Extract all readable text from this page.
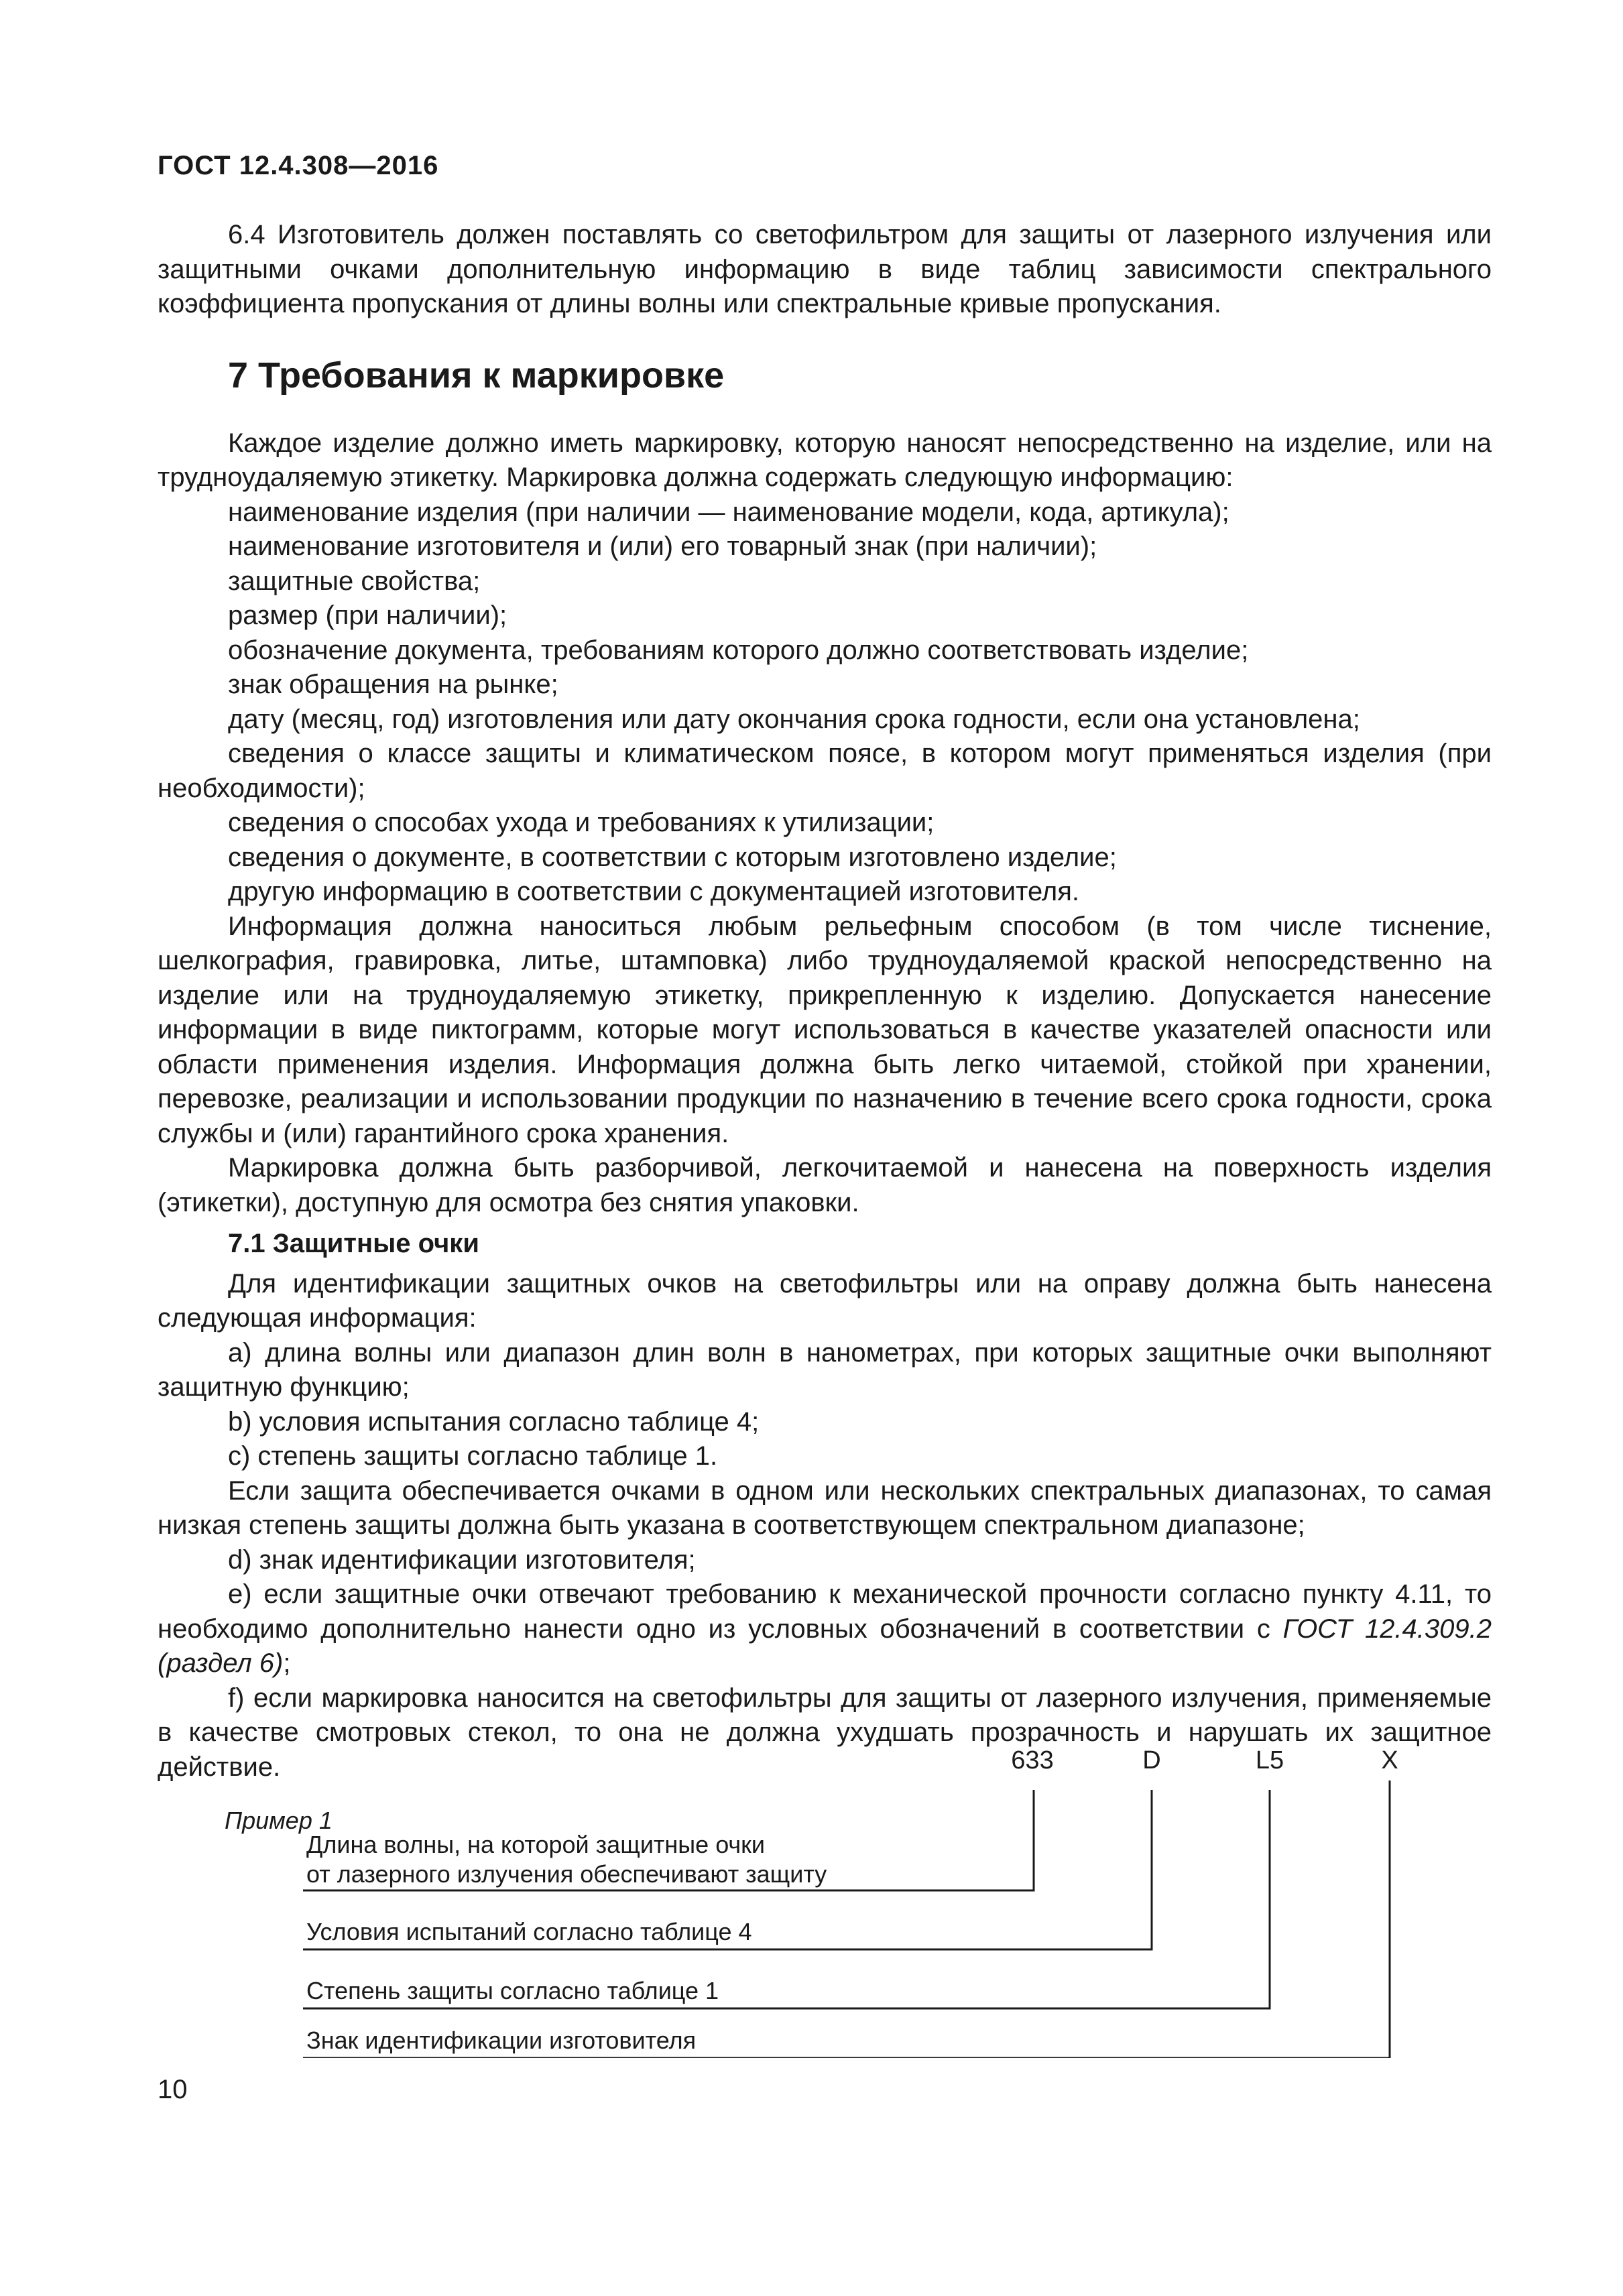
ГОСТ 12.4.308—2016

6.4 Изготовитель должен поставлять со светофильтром для защиты от лазерного излучения или защитными очками дополнительную информацию в виде таблиц зависимости спектрального коэффициента пропускания от длины волны или спектральные кривые пропускания.

7 Требования к маркировке

Каждое изделие должно иметь маркировку, которую наносят непосредственно на изделие, или на трудноудаляемую этикетку. Маркировка должна содержать следующую информацию:

наименование изделия (при наличии — наименование модели, кода, артикула);

наименование изготовителя и (или) его товарный знак (при наличии);

защитные свойства;

размер (при наличии);

обозначение документа, требованиям которого должно соответствовать изделие;

знак обращения на рынке;

дату (месяц, год) изготовления или дату окончания срока годности, если она установлена;

сведения о классе защиты и климатическом поясе, в котором могут применяться изделия (при необходимости);

сведения о способах ухода и требованиях к утилизации;

сведения о документе, в соответствии с которым изготовлено изделие;

другую информацию в соответствии с документацией изготовителя.

Информация должна наноситься любым рельефным способом (в том числе тиснение, шелкография, гравировка, литье, штамповка) либо трудноудаляемой краской непосредственно на изделие или на трудноудаляемую этикетку, прикрепленную к изделию. Допускается нанесение информации в виде пиктограмм, которые могут использоваться в качестве указателей опасности или области применения изделия. Информация должна быть легко читаемой, стойкой при хранении, перевозке, реализации и использовании продукции по назначению в течение всего срока годности, срока службы и (или) гарантийного срока хранения.

Маркировка должна быть разборчивой, легкочитаемой и нанесена на поверхность изделия (этикетки), доступную для осмотра без снятия упаковки.

7.1 Защитные очки

Для идентификации защитных очков на светофильтры или на оправу должна быть нанесена следующая информация:

а) длина волны или диапазон длин волн в нанометрах, при которых защитные очки выполняют защитную функцию;

b) условия испытания согласно таблице 4;

с) степень защиты согласно таблице 1.

Если защита обеспечивается очками в одном или нескольких спектральных диапазонах, то самая низкая степень защиты должна быть указана в соответствующем спектральном диапазоне;

d) знак идентификации изготовителя;

е) если защитные очки отвечают требованию к механической прочности согласно пункту 4.11, то необходимо дополнительно нанести одно из условных обозначений в соответствии с ГОСТ 12.4.309.2 (раздел 6);

f) если маркировка наносится на светофильтры для защиты от лазерного излучения, применяемые в качестве смотровых стекол, то она не должна ухудшать прозрачность и нарушать их защитное действие.

Пример 1
633	D	L5	X
Длина волны, на которой защитные очки
от лазерного излучения обеспечивают защиту
Условия испытаний согласно таблице 4
Степень защиты согласно таблице 1
Знак идентификации изготовителя
10
